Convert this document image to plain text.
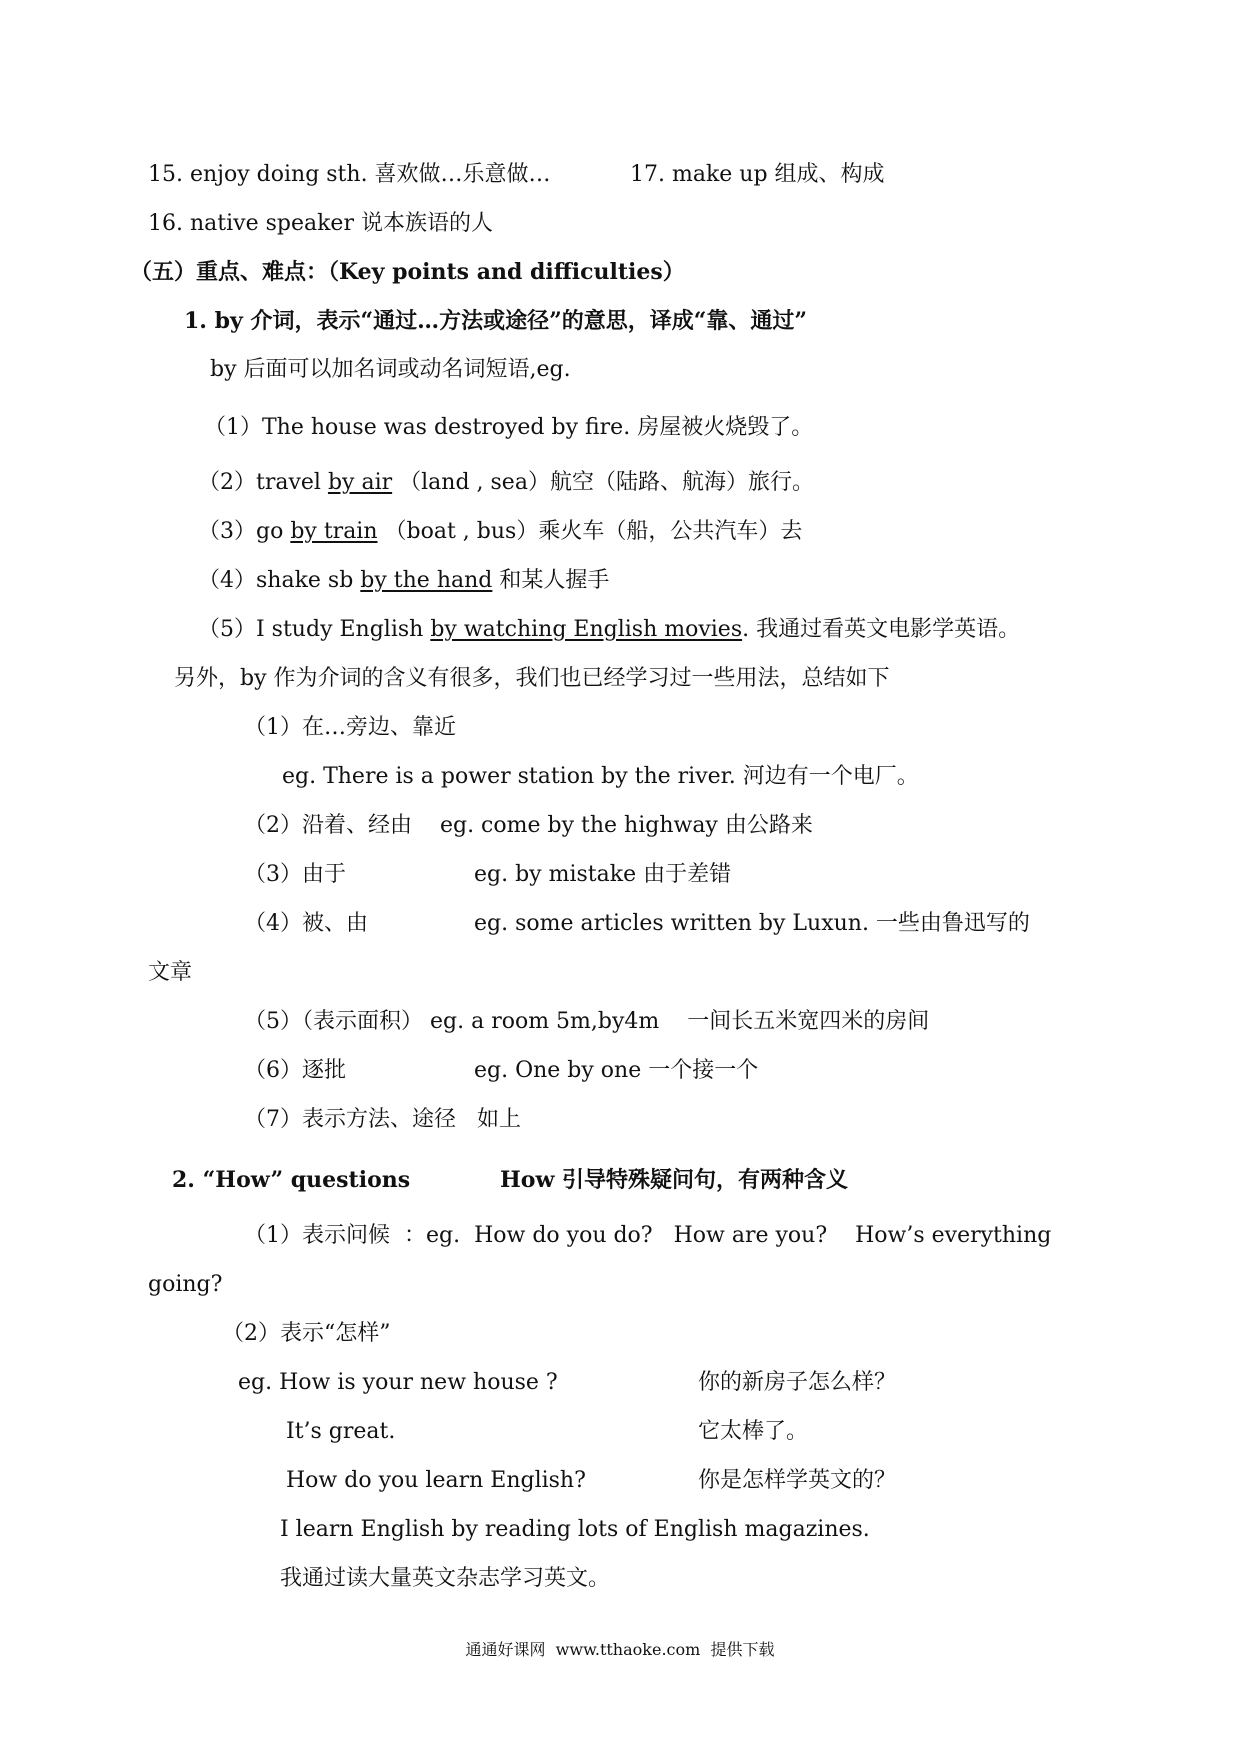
15. enjoy doing sth. 喜欢做…乐意做…	17. make up 组成、构成
16. native speaker 说本族语的人
（五）重点、难点：（Key points and difficulties）
1. by 介词，表示“通过…方法或途径”的意思，译成“靠、通过”
by 后面可以加名词或动名词短语,eg.
（1）The house was destroyed by fire. 房屋被火烧毁了。
（2）travel by air （land , sea）航空（陆路、航海）旅行。
（3）go by train （boat , bus）乘火车（船，公共汽车）去
（4）shake sb by the hand 和某人握手
（5）I study English by watching English movies. 我通过看英文电影学英语。
另外，by 作为介词的含义有很多，我们也已经学习过一些用法，总结如下
（1）在…旁边、靠近
eg. There is a power station by the river. 河边有一个电厂。
（2）沿着、经由    eg. come by the highway 由公路来
（3）由于	eg. by mistake 由于差错
（4）被、由	eg. some articles written by Luxun. 一些由鲁迅写的
文章
（5）（表示面积） eg. a room 5m,by4m    一间长五米宽四米的房间
（6）逐批	eg. One by one 一个接一个
（7）表示方法、途径   如上
2. “How” questions	How 引导特殊疑问句，有两种含义
（1）表示问候  ：eg.  How do you do?   How are you?    How’s everything
going?
（2）表示“怎样”
eg. How is your new house ?	你的新房子怎么样？
It’s great.	它太棒了。
How do you learn English?	你是怎样学英文的？
I learn English by reading lots of English magazines.
我通过读大量英文杂志学习英文。
通通好课网  www.tthaoke.com  提供下载
